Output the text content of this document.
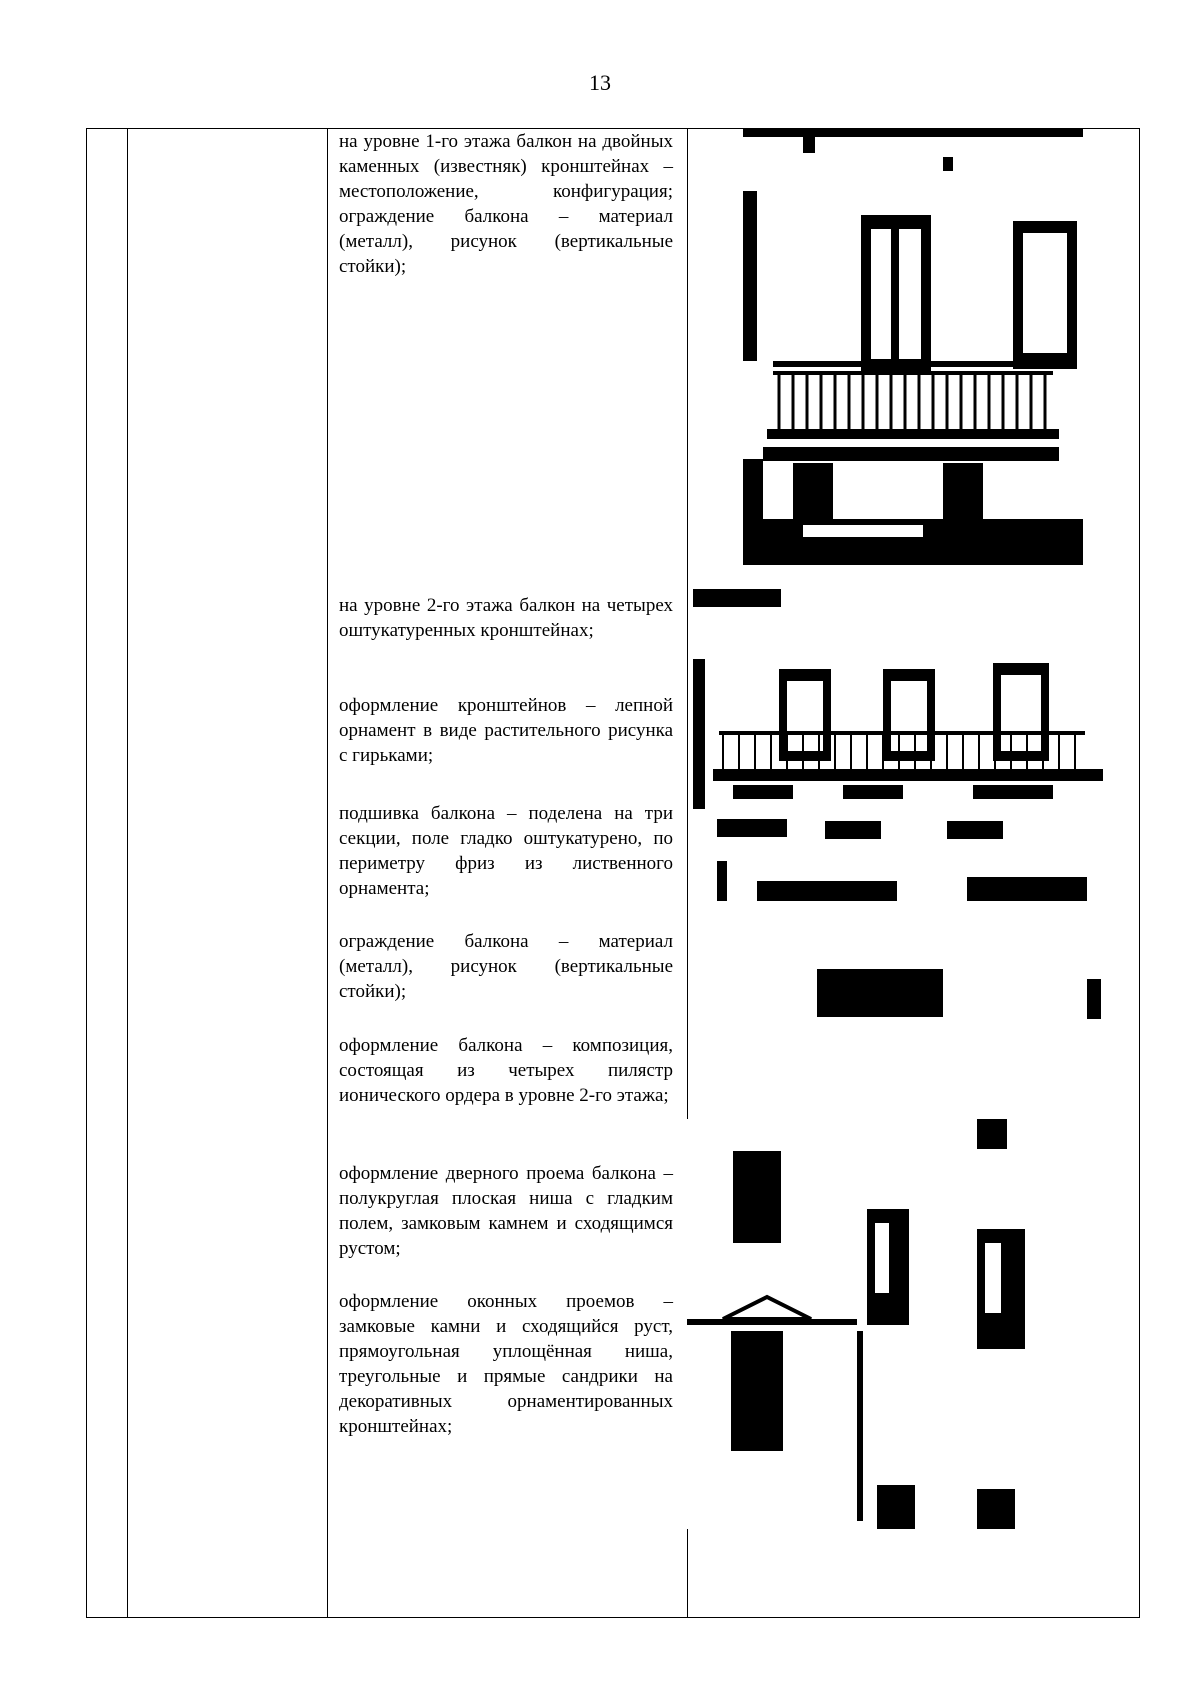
13

на уровне 1-го этажа балкон на двойных каменных (известняк) кронштейнах – местоположение, конфигурация; ограждение балкона – материал (металл), рисунок (вертикальные стойки);

на уровне 2-го этажа балкон на четырех оштукатуренных кронштейнах;

оформление кронштейнов – лепной орнамент в виде растительного рисунка с гирьками;

подшивка балкона – поделена на три секции, поле гладко оштукатурено, по периметру фриз из лиственного орнамента;

ограждение балкона – материал (металл), рисунок (вертикальные стойки);

оформление балкона – композиция, состоящая из четырех пилястр ионического ордера в уровне 2-го этажа;

оформление дверного проема балкона – полукруглая плоская ниша с гладким полем, замковым камнем и сходящимся рустом;

оформление оконных проемов – замковые камни и сходящийся руст, прямоугольная уплощённая ниша, треугольные и прямые сандрики на декоративных орнаментированных кронштейнах;
